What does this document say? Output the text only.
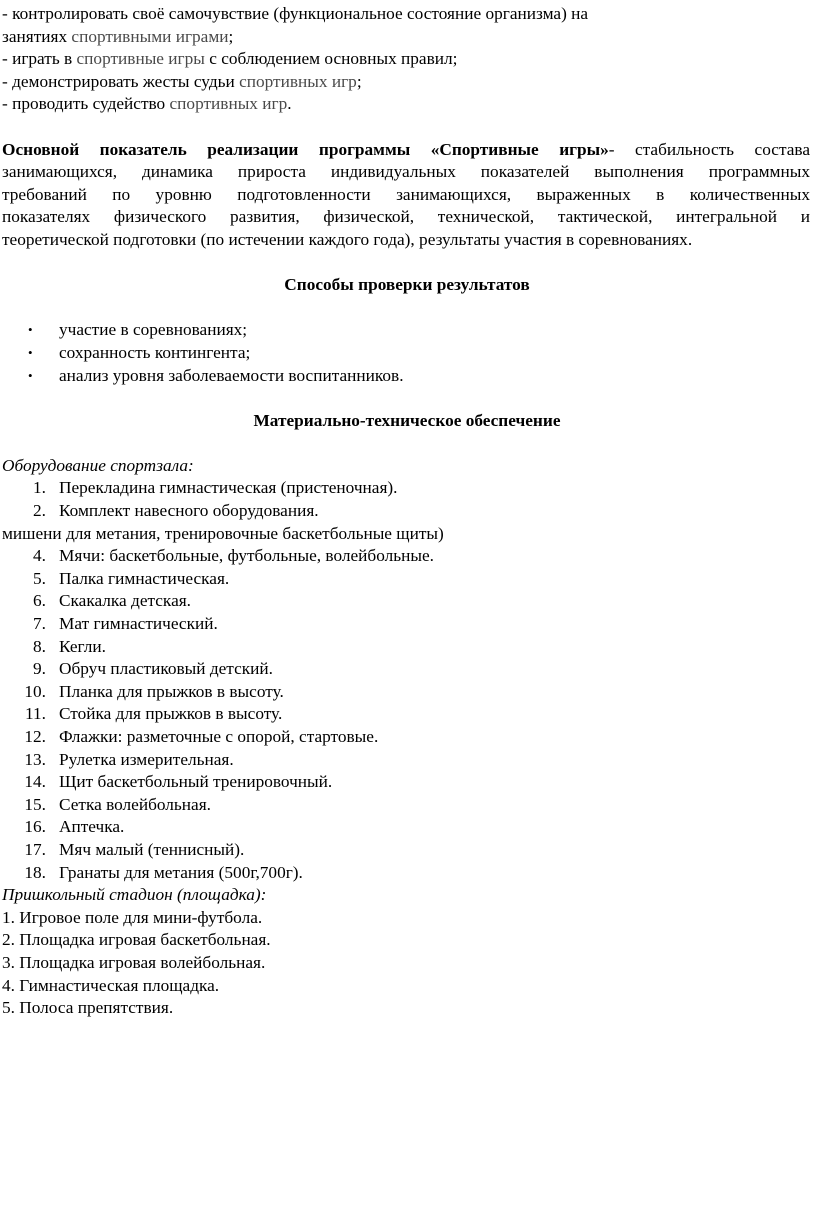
- контролировать своё самочувствие (функциональное состояние организма) на
занятиях спортивными играми;
- играть в спортивные игры с соблюдением основных правил;
- демонстрировать жесты судьи спортивных игр;
- проводить судейство спортивных игр.
Основной показатель реализации программы «Спортивные игры»- стабильность состава
занимающихся, динамика прироста индивидуальных показателей выполнения программных
требований по уровню подготовленности занимающихся, выраженных в количественных
показателях физического развития, физической, технической, тактической, интегральной и
теоретической подготовки (по истечении каждого года), результаты участия в соревнованиях.
Способы проверки результатов
• участие в соревнованиях;
• сохранность контингента;
• анализ уровня заболеваемости воспитанников.
Материально-техническое обеспечение
Оборудование спортзала:
1. Перекладина гимнастическая (пристеночная).
2. Комплект навесного оборудования.
мишени для метания, тренировочные баскетбольные щиты)
4. Мячи: баскетбольные, футбольные, волейбольные.
5. Палка гимнастическая.
6. Скакалка детская.
7. Мат гимнастический.
8. Кегли.
9. Обруч пластиковый детский.
10. Планка для прыжков в высоту.
11. Стойка для прыжков в высоту.
12. Флажки: разметочные с опорой, стартовые.
13. Рулетка измерительная.
14. Щит баскетбольный тренировочный.
15. Сетка волейбольная.
16. Аптечка.
17. Мяч малый (теннисный).
18. Гранаты для метания (500г,700г).
Пришкольный стадион (площадка):
1. Игровое поле для мини-футбола.
2. Площадка игровая баскетбольная.
3. Площадка игровая волейбольная.
4. Гимнастическая площадка.
5. Полоса препятствия.
